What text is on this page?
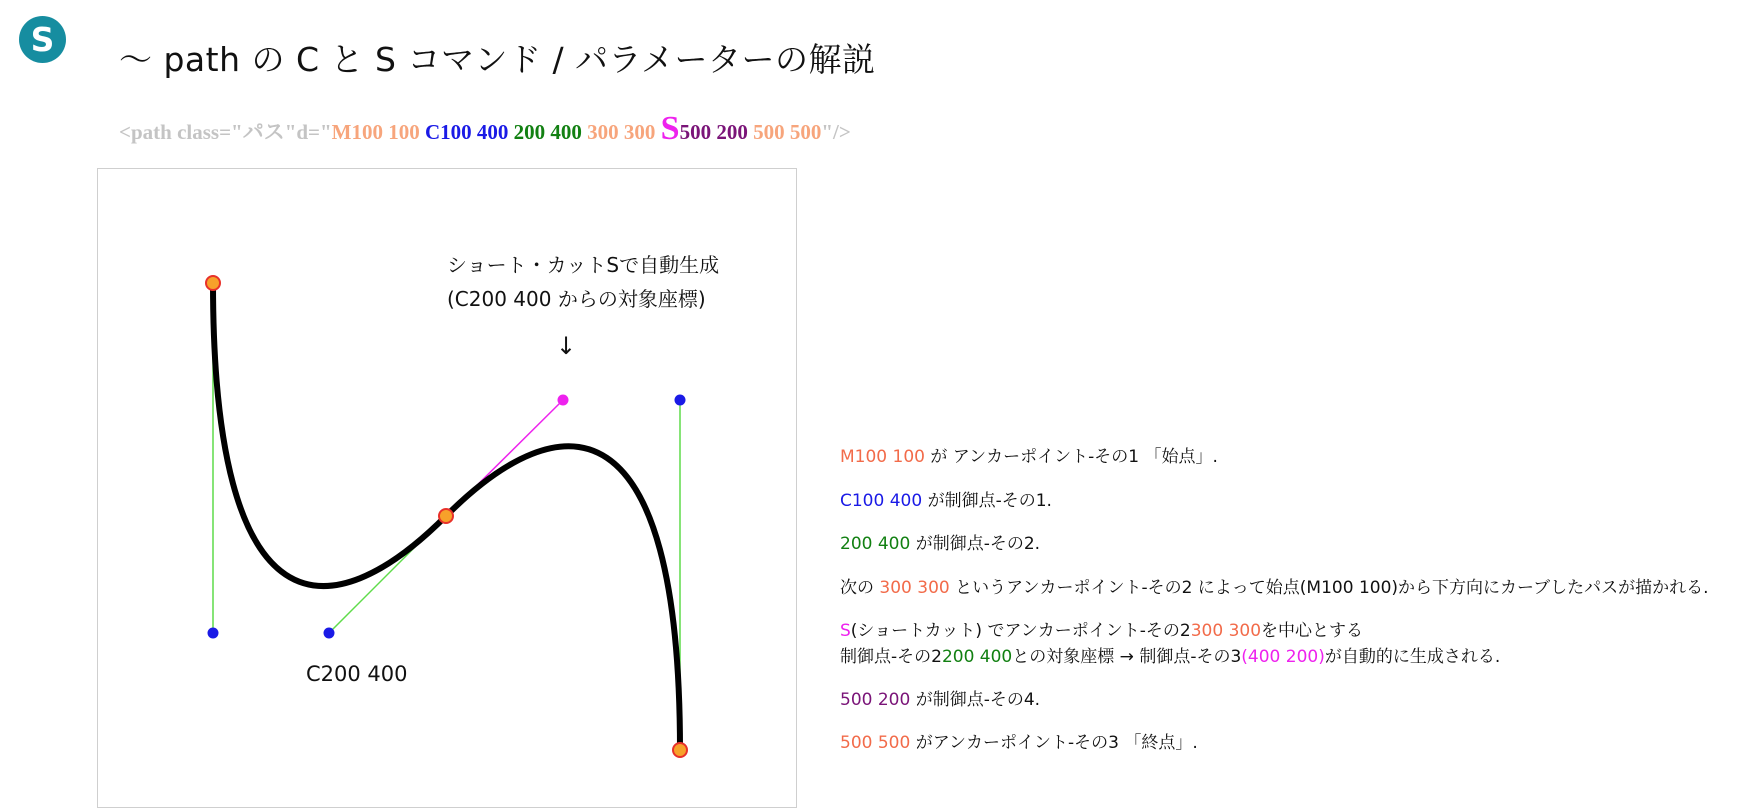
S
～ path の C と S コマンド / パラメーターの解説
<path class="パス"d="M100 100 C100 400 200 400 300 300 S500 200 500 500"/>
ショート・カットSで自動生成
(C200 400 からの対象座標)
↓
C200 400
M100 100 が アンカーポイント-その1 「始点」.
C100 400 が制御点-その1.
200 400 が制御点-その2.
次の 300 300 というアンカーポイント-その2 によって始点(M100 100)から下方向にカーブしたパスが描かれる.
S(ショートカット) でアンカーポイント-その2300 300を中心とする
制御点-その2200 400との対象座標 → 制御点-その3(400 200)が自動的に生成される.
500 200 が制御点-その4.
500 500 がアンカーポイント-その3 「終点」.
